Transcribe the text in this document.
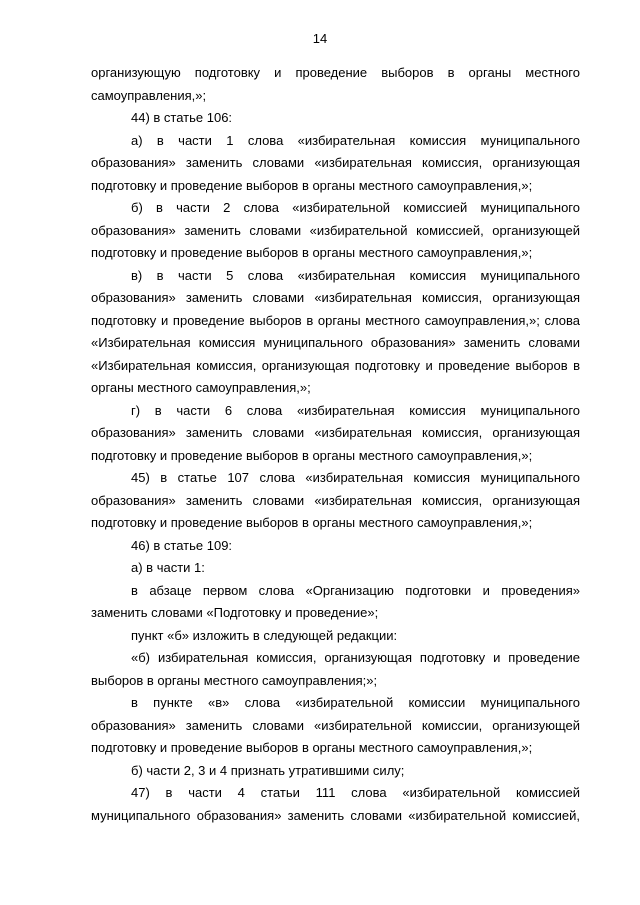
14

организующую подготовку и проведение выборов в органы местного самоуправления,»;

44) в статье 106:

а) в части 1 слова «избирательная комиссия муниципального образования» заменить словами «избирательная комиссия, организующая подготовку и проведение выборов в органы местного самоуправления,»;

б) в части 2 слова «избирательной комиссией муниципального образования» заменить словами «избирательной комиссией, организующей подготовку и проведение выборов в органы местного самоуправления,»;

в) в части 5 слова «избирательная комиссия муниципального образования» заменить словами «избирательная комиссия, организующая подготовку и проведение выборов в органы местного самоуправления,»; слова «Избирательная комиссия муниципального образования» заменить словами «Избирательная комиссия, организующая подготовку и проведение выборов в органы местного самоуправления,»;

г) в части 6 слова «избирательная комиссия муниципального образования» заменить словами «избирательная комиссия, организующая подготовку и проведение выборов в органы местного самоуправления,»;

45) в статье 107 слова «избирательная комиссия муниципального образования» заменить словами «избирательная комиссия, организующая подготовку и проведение выборов в органы местного самоуправления,»;

46) в статье 109:

а) в части 1:

в абзаце первом слова «Организацию подготовки и проведения» заменить словами «Подготовку и проведение»;

пункт «б» изложить в следующей редакции:

«б) избирательная комиссия, организующая подготовку и проведение выборов в органы местного самоуправления;»;

в пункте «в» слова «избирательной комиссии муниципального образования» заменить словами «избирательной комиссии, организующей подготовку и проведение выборов в органы местного самоуправления,»;

б) части 2, 3 и 4 признать утратившими силу;

47) в части 4 статьи 111 слова «избирательной комиссией муниципального образования» заменить словами «избирательной комиссией,
